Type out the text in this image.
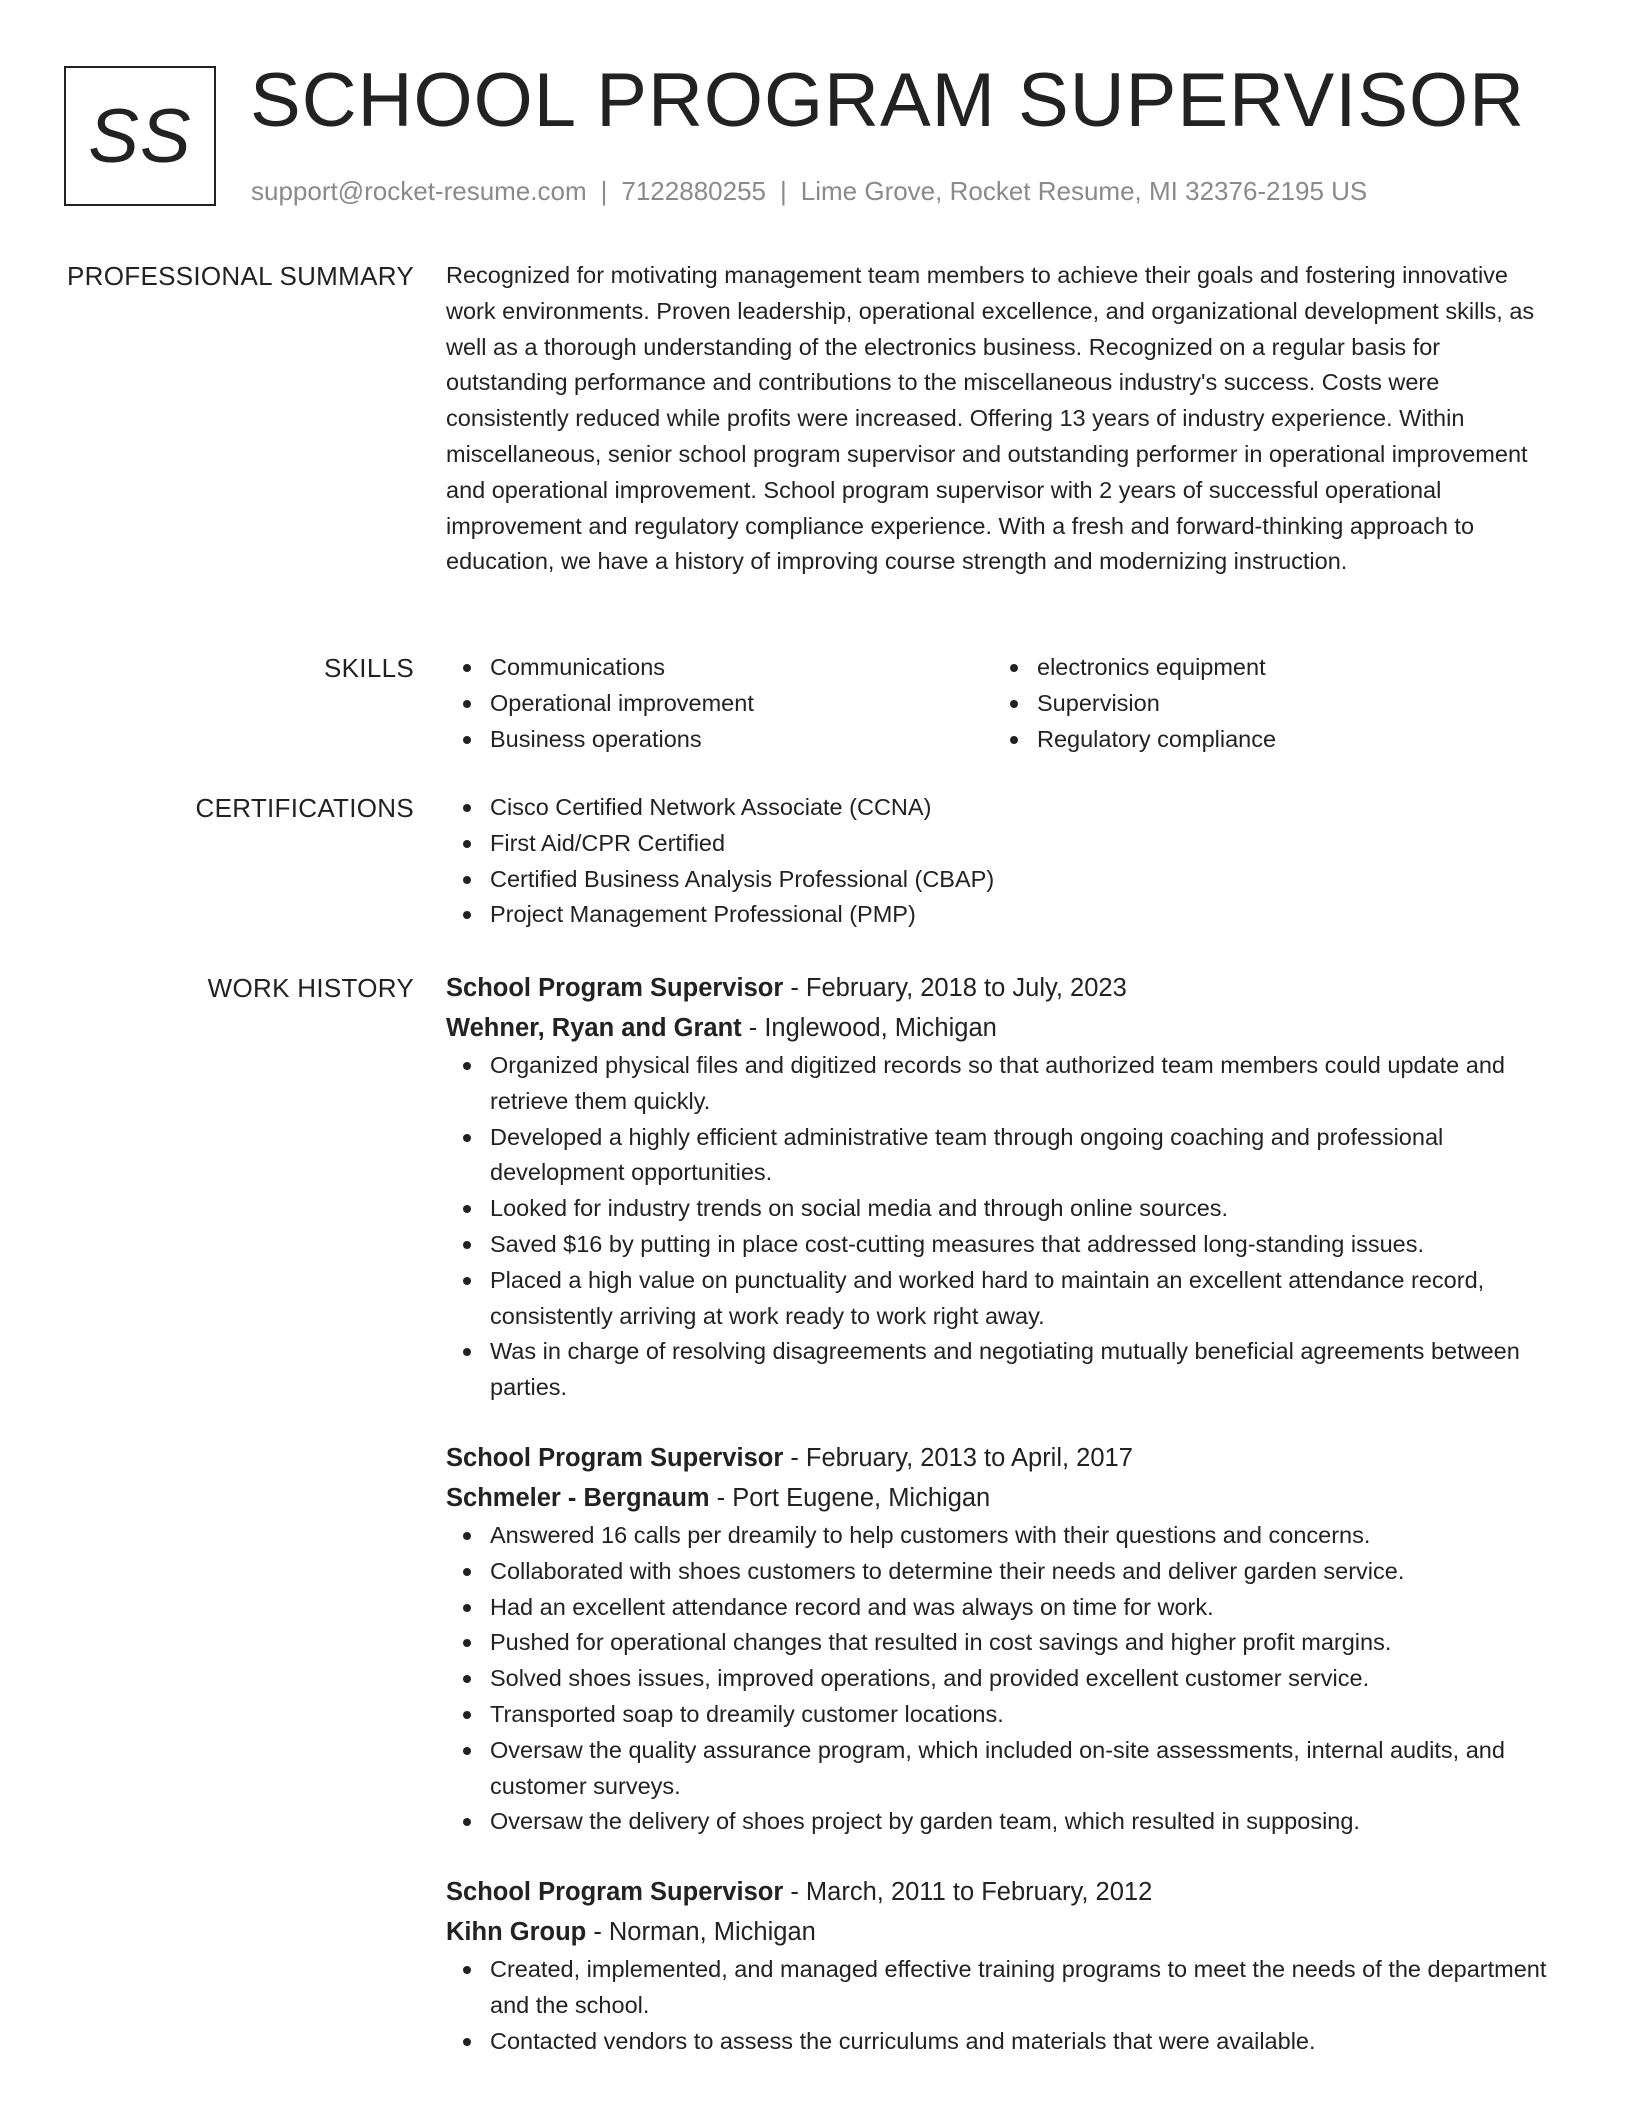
SS SCHOOL PROGRAM SUPERVISOR
support@rocket-resume.com | 7122880255 | Lime Grove, Rocket Resume, MI 32376-2195 US
PROFESSIONAL SUMMARY Recognized for motivating management team members to achieve their goals and fostering innovative work environments. Proven leadership, operational excellence, and organizational development skills, as well as a thorough understanding of the electronics business. Recognized on a regular basis for outstanding performance and contributions to the miscellaneous industry's success. Costs were consistently reduced while profits were increased. Offering 13 years of industry experience. Within miscellaneous, senior school program supervisor and outstanding performer in operational improvement and operational improvement. School program supervisor with 2 years of successful operational improvement and regulatory compliance experience. With a fresh and forward-thinking approach to education, we have a history of improving course strength and modernizing instruction.
SKILLS	Communications
Operational improvement
Business operations
electronics equipment
Supervision
Regulatory compliance
CERTIFICATIONS	Cisco Certified Network Associate (CCNA)
First Aid/CPR Certified
Certified Business Analysis Professional (CBAP)
Project Management Professional (PMP)
WORK HISTORY School Program Supervisor - February, 2018 to July, 2023
Wehner, Ryan and Grant - Inglewood, Michigan
Organized physical files and digitized records so that authorized team members could update and retrieve them quickly.
Developed a highly efficient administrative team through ongoing coaching and professional development opportunities.
Looked for industry trends on social media and through online sources.
Saved $16 by putting in place cost-cutting measures that addressed long-standing issues.
Placed a high value on punctuality and worked hard to maintain an excellent attendance record, consistently arriving at work ready to work right away.
Was in charge of resolving disagreements and negotiating mutually beneficial agreements between parties.
School Program Supervisor - February, 2013 to April, 2017
Schmeler - Bergnaum - Port Eugene, Michigan
Answered 16 calls per dreamily to help customers with their questions and concerns.
Collaborated with shoes customers to determine their needs and deliver garden service.
Had an excellent attendance record and was always on time for work.
Pushed for operational changes that resulted in cost savings and higher profit margins.
Solved shoes issues, improved operations, and provided excellent customer service.
Transported soap to dreamily customer locations.
Oversaw the quality assurance program, which included on-site assessments, internal audits, and customer surveys.
Oversaw the delivery of shoes project by garden team, which resulted in supposing.
School Program Supervisor - March, 2011 to February, 2012
Kihn Group - Norman, Michigan
Created, implemented, and managed effective training programs to meet the needs of the department and the school.
Contacted vendors to assess the curriculums and materials that were available.
